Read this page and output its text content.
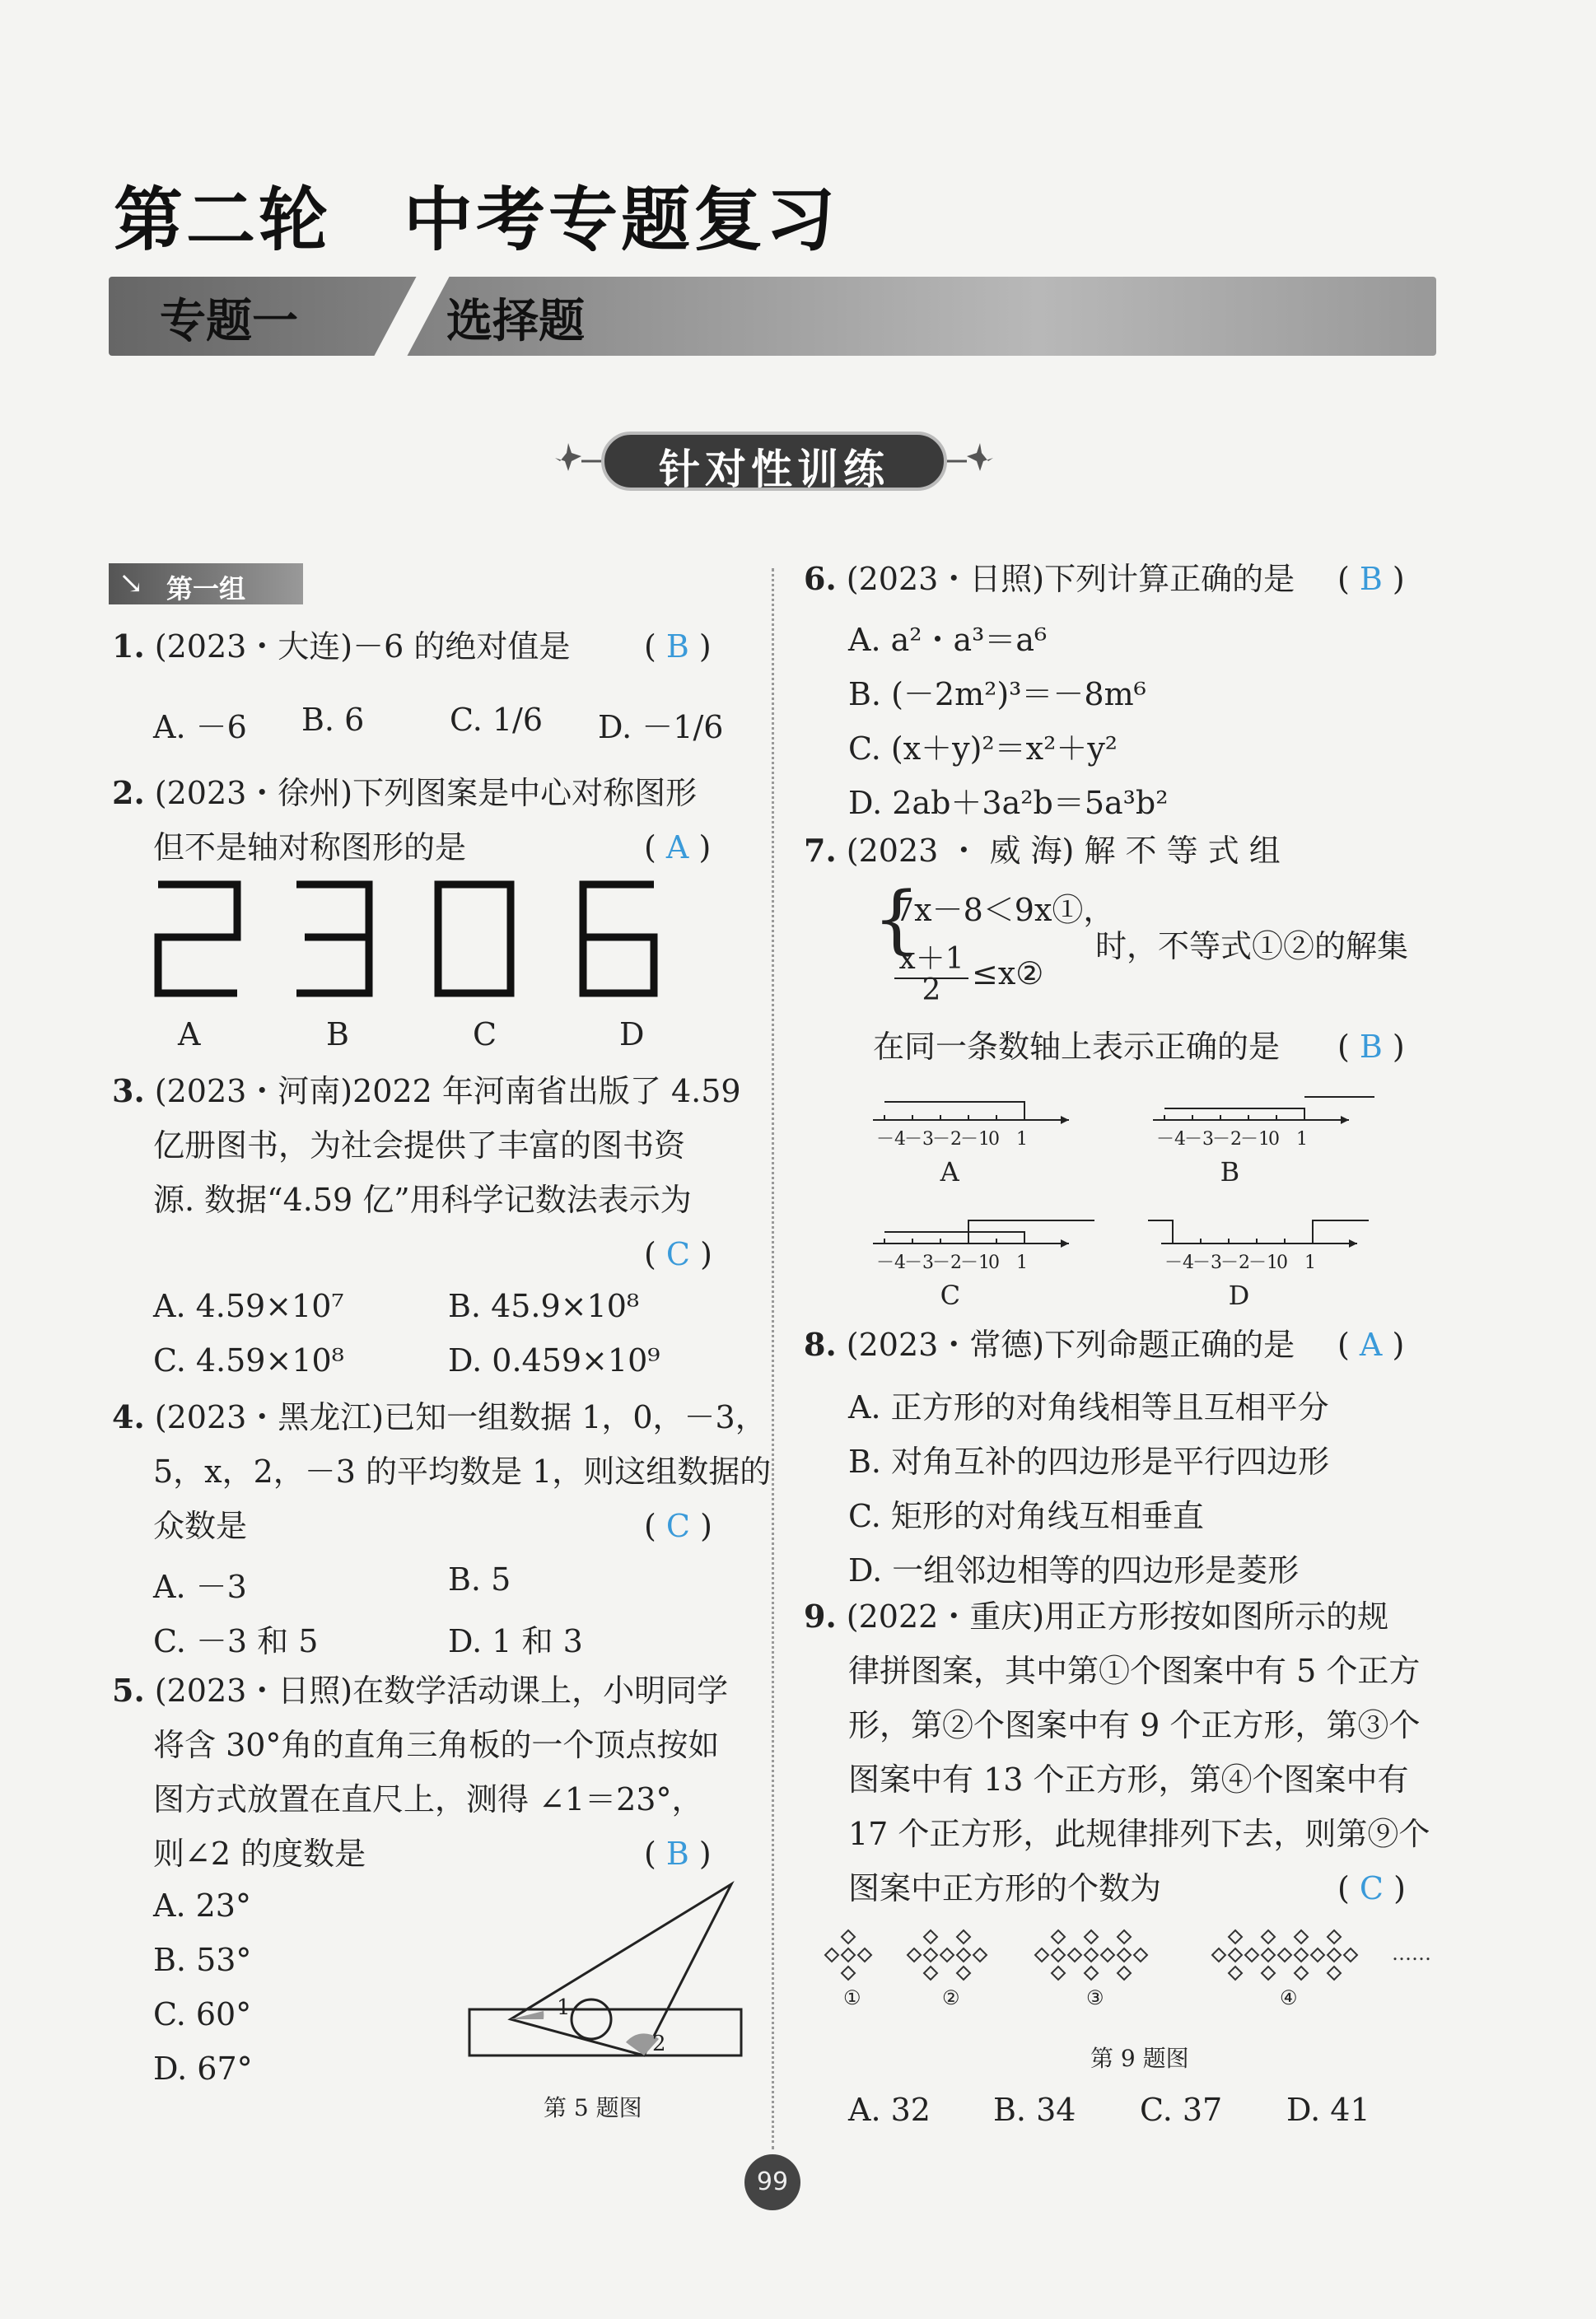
第二轮　中考专题复习
专题一	选择题
针对性训练
↘ 第一组
1. (2023・大连)－6 的绝对值是 ( B )
A. －6 B. 6	C. 1/6 D. －1/6
2. (2023・徐州)下列图案是中心对称图形
但不是轴对称图形的是	( A )
A	B	C	D
3. (2023・河南)2022 年河南省出版了 4.59
亿册图书，为社会提供了丰富的图书资
源. 数据“4.59 亿”用科学记数法表示为
( C )
A. 4.59×10⁷	B. 45.9×10⁸
C. 4.59×10⁸	D. 0.459×10⁹
4. (2023・黑龙江)已知一组数据 1，0，－3，
5，x，2，－3 的平均数是 1，则这组数据的
众数是	( C )
A. －3	B. 5
C. －3 和 5	D. 1 和 3
5. (2023・日照)在数学活动课上，小明同学
将含 30°角的直角三角板的一个顶点按如
图方式放置在直尺上，测得 ∠1＝23°，
则∠2 的度数是	( B )
A. 23°
B. 53°
C. 60°
D. 67°
1
2
第 5 题图
6. (2023・日照)下列计算正确的是 ( B )
A. a²・a³＝a⁶
B. (－2m²)³＝－8m⁶
C. (x＋y)²＝x²＋y²
D. 2ab＋3a²b＝5a³b²
7. (2023 ・ 威 海) 解 不 等 式 组
{
7x－8＜9x①，
x＋1
2 ≤x②
时，不等式①②的解集
在同一条数轴上表示正确的是 ( B )
－4
－3
－2
－1
0 1
A
－4
－3
－2
－1
0 1
B
－4
－3
－2
－1
0 1
C
－4
－3
－2
－1
0 1
D
8. (2023・常德)下列命题正确的是 ( A )
A. 正方形的对角线相等且互相平分
B. 对角互补的四边形是平行四边形
C. 矩形的对角线互相垂直
D. 一组邻边相等的四边形是菱形
9. (2022・重庆)用正方形按如图所示的规
律拼图案，其中第①个图案中有 5 个正方
形，第②个图案中有 9 个正方形，第③个
图案中有 13 个正方形，第④个图案中有
17 个正方形，此规律排列下去，则第⑨个
图案中正方形的个数为	( C )
①	②	③	④
……
第 9 题图
A. 32 B. 34 C. 37 D. 41
99
